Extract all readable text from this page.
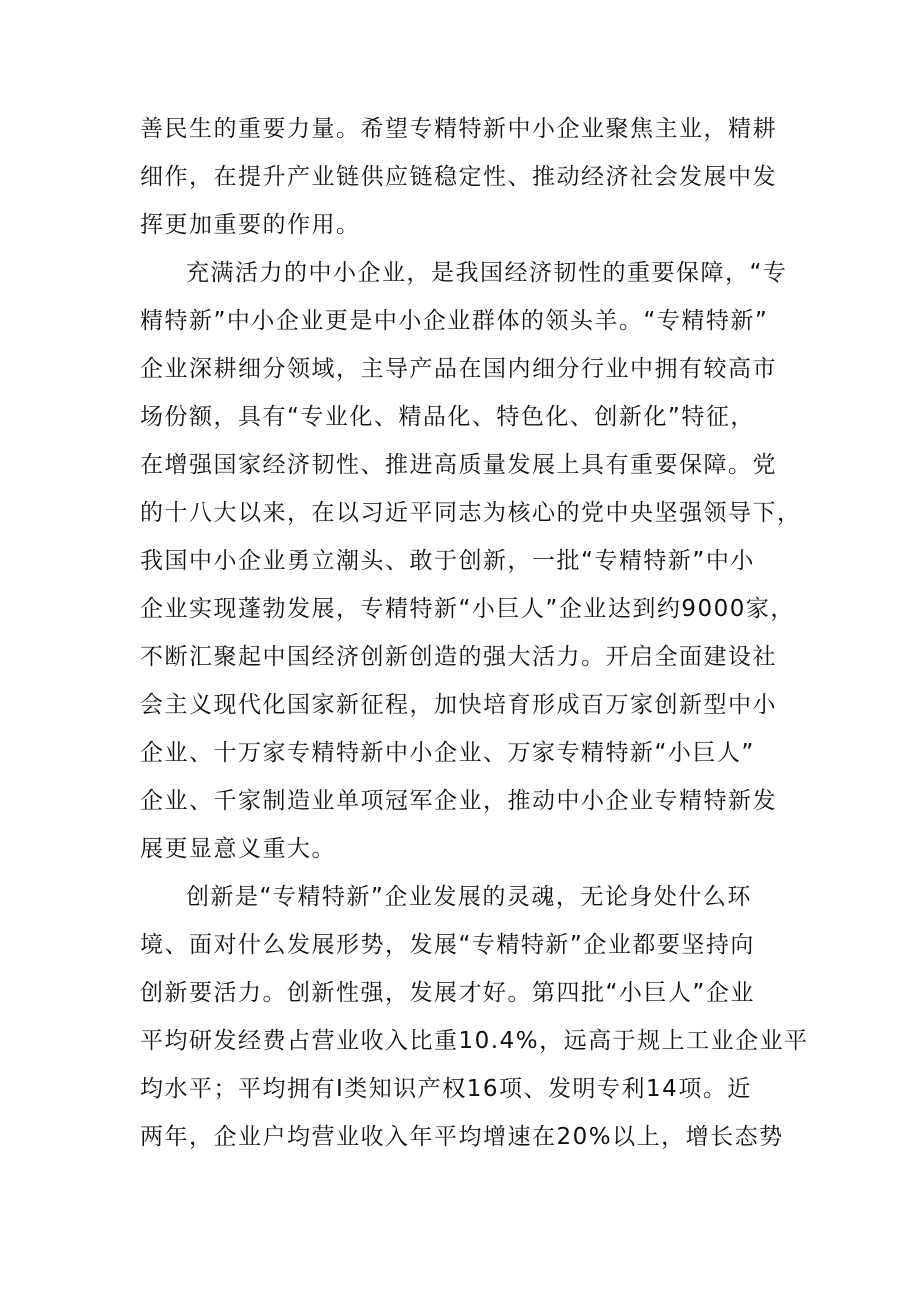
善民生的重要力量。希望专精特新中小企业聚焦主业，精耕
细作，在提升产业链供应链稳定性、推动经济社会发展中发
挥更加重要的作用。
充满活力的中小企业，是我国经济韧性的重要保障，“专
精特新”中小企业更是中小企业群体的领头羊。“专精特新”
企业深耕细分领域，主导产品在国内细分行业中拥有较高市
场份额，具有“专业化、精品化、特色化、创新化”特征，
在增强国家经济韧性、推进高质量发展上具有重要保障。党
的十八大以来，在以习近平同志为核心的党中央坚强领导下，
我国中小企业勇立潮头、敢于创新，一批“专精特新”中小
企业实现蓬勃发展，专精特新“小巨人”企业达到约9000家，
不断汇聚起中国经济创新创造的强大活力。开启全面建设社
会主义现代化国家新征程，加快培育形成百万家创新型中小
企业、十万家专精特新中小企业、万家专精特新“小巨人”
企业、千家制造业单项冠军企业，推动中小企业专精特新发
展更显意义重大。
创新是“专精特新”企业发展的灵魂，无论身处什么环
境、面对什么发展形势，发展“专精特新”企业都要坚持向
创新要活力。创新性强，发展才好。第四批“小巨人”企业
平均研发经费占营业收入比重10.4%，远高于规上工业企业平
均水平；平均拥有I类知识产权16项、发明专利14项。近
两年，企业户均营业收入年平均增速在20%以上，增长态势
